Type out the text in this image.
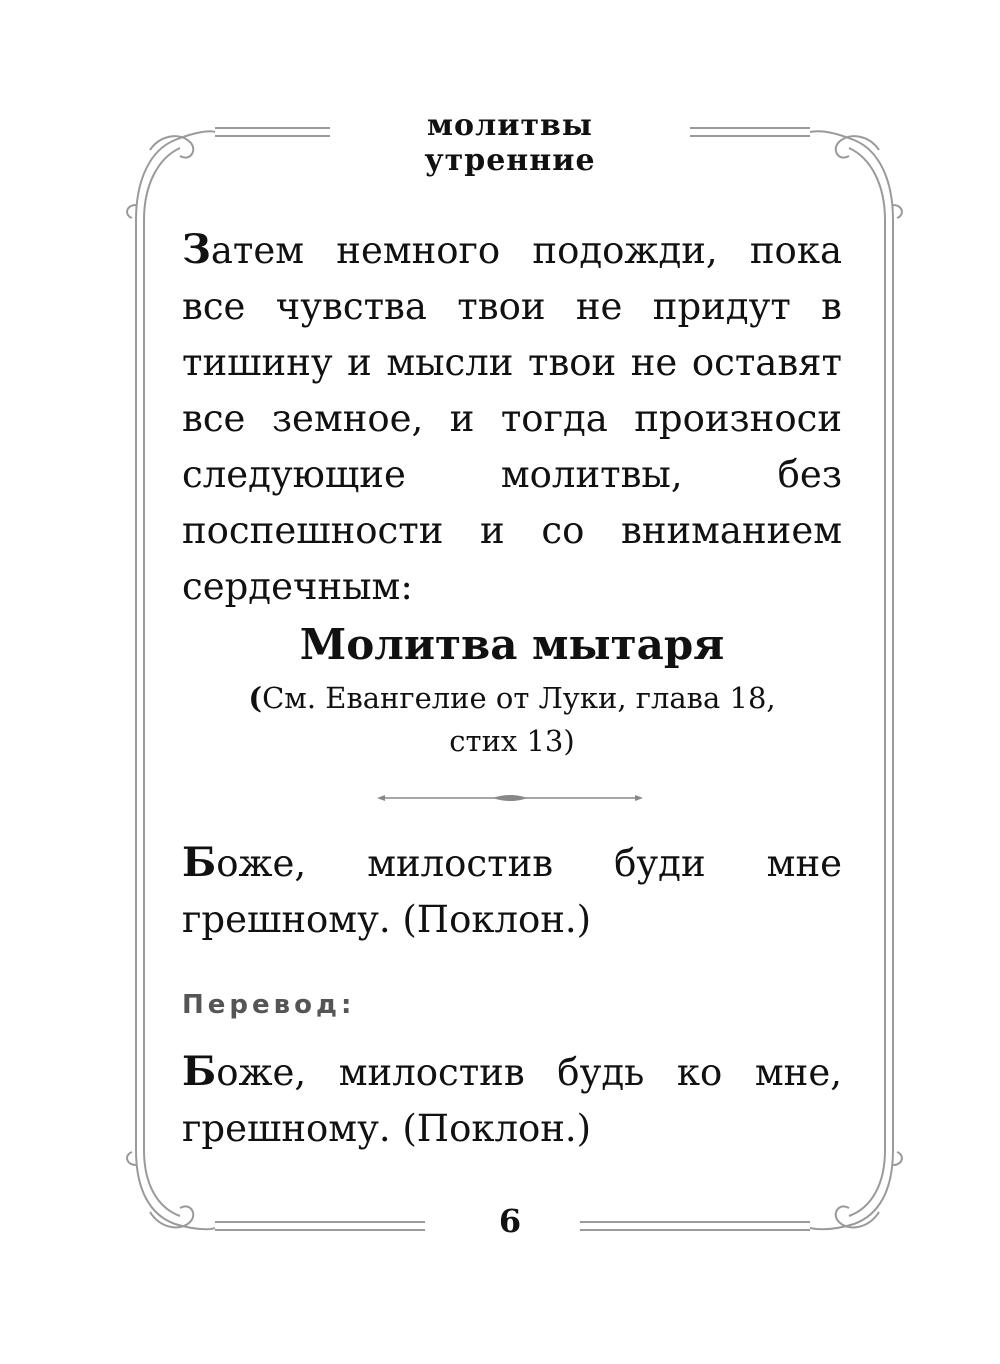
молитвы утренние

Затем немного подожди, пока все чувства твои не придут в тишину и мысли твои не оставят все земное, и тогда произноси следующие молитвы, без поспешности и со вниманием сердечным:

Молитва мытаря

(См. Евангелие от Луки, глава 18,
стих 13)

Боже, милостив буди мне грешному. (Поклон.)

Перевод:

Боже, милостив будь ко мне, грешному. (Поклон.)

6
